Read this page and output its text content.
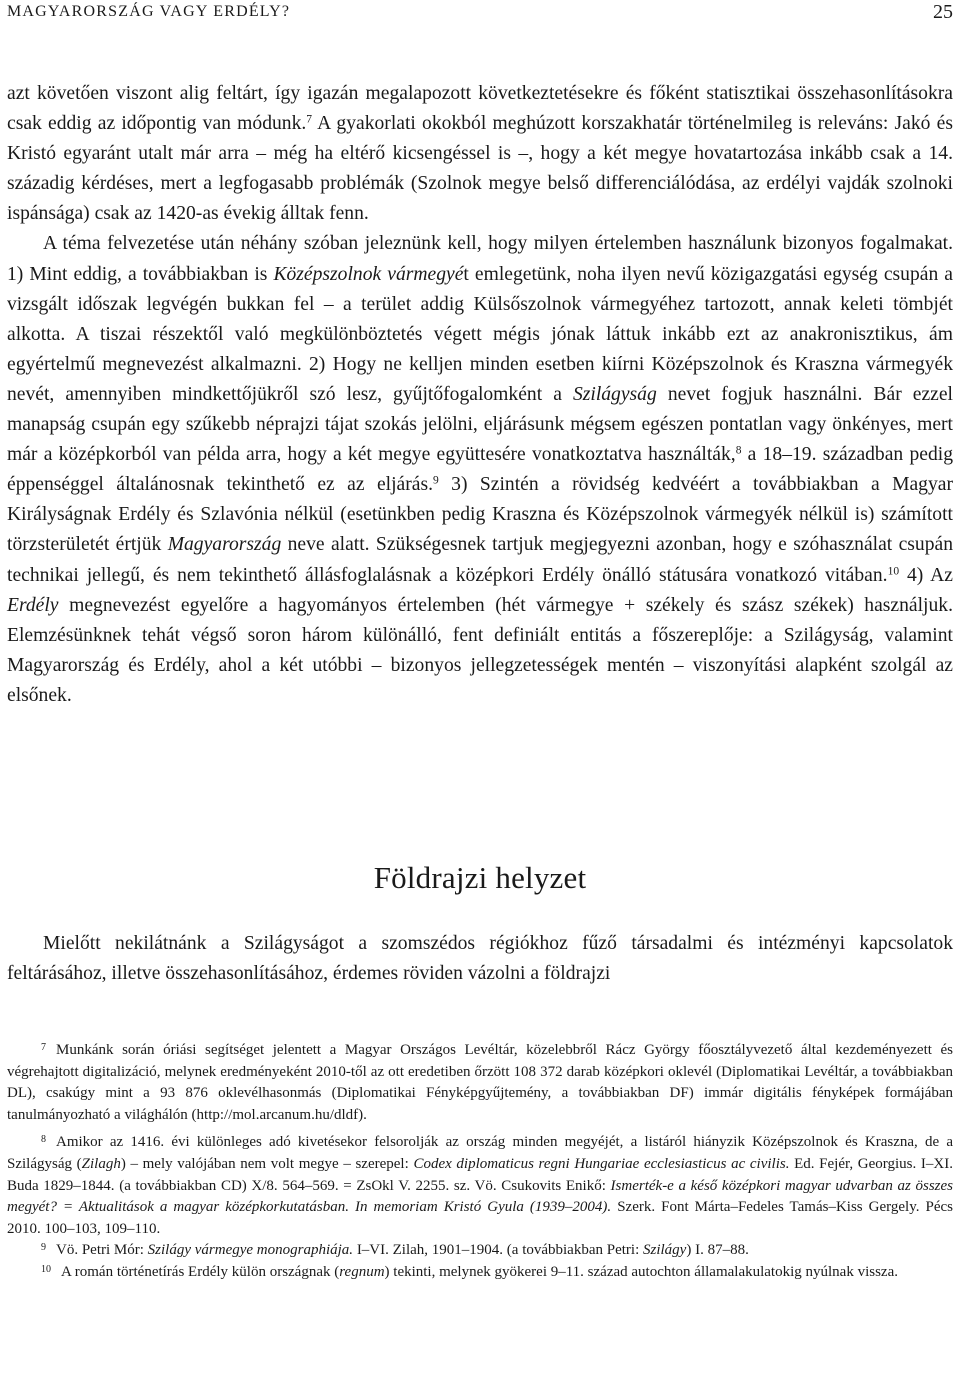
MAGYARORSZÁG VAGY ERDÉLY?	25

azt követően viszont alig feltárt, így igazán megalapozott következtetésekre és főként statisztikai összehasonlításokra csak eddig az időpontig van módunk.$^7$ A gyakorlati okokból meghúzott korszakhatár történelmileg is releváns: Jakó és Kristó egyaránt utalt már arra – még ha eltérő kicsengéssel is –, hogy a két megye hovatartozása inkább csak a 14. századig kérdéses, mert a legfogasabb problémák (Szolnok megye belső differenciálódása, az erdélyi vajdák szolnoki ispánsága) csak az 1420-as évekig álltak fenn.

A téma felvezetése után néhány szóban jeleznünk kell, hogy milyen értelemben használunk bizonyos fogalmakat. 1) Mint eddig, a továbbiakban is Középszolnok vármegyét emlegetünk, noha ilyen nevű közigazgatási egység csupán a vizsgált időszak legvégén bukkan fel – a terület addig Külsőszolnok vármegyéhez tartozott, annak keleti tömbjét alkotta. A tiszai részektől való megkülönböztetés végett mégis jónak láttuk inkább ezt az anakronisztikus, ám egyértelmű megnevezést alkalmazni. 2) Hogy ne kelljen minden esetben kiírni Középszolnok és Kraszna vármegyék nevét, amennyiben mindkettőjükről szó lesz, gyűjtőfogalomként a Szilágyság nevet fogjuk használni. Bár ezzel manapság csupán egy szűkebb néprajzi tájat szokás jelölni, eljárásunk mégsem egészen pontatlan vagy önkényes, mert már a középkorból van példa arra, hogy a két megye együttesére vonatkoztatva használták,$^8$ a 18–19. században pedig éppenséggel általánosnak tekinthető ez az eljárás.$^9$ 3) Szintén a rövidség kedvéért a továbbiakban a Magyar Királyságnak Erdély és Szlavónia nélkül (esetünkben pedig Kraszna és Középszolnok vármegyék nélkül is) számított törzsterületét értjük Magyarország neve alatt. Szükségesnek tartjuk megjegyezni azonban, hogy e szóhasználat csupán technikai jellegű, és nem tekinthető állásfoglalásnak a középkori Erdély önálló státusára vonatkozó vitában.$^{10}$ 4) Az Erdély megnevezést egyelőre a hagyományos értelemben (hét vármegye + székely és szász székek) használjuk. Elemzésünknek tehát végső soron három különálló, fent definiált entitás a főszereplője: a Szilágyság, valamint Magyarország és Erdély, ahol a két utóbbi – bizonyos jellegzetességek mentén – viszonyítási alapként szolgál az elsőnek.

Földrajzi helyzet
Mielőtt nekilátnánk a Szilágyságot a szomszédos régiókhoz fűző társadalmi és intézményi kapcsolatok feltárásához, illetve összehasonlításához, érdemes röviden vázolni a földrajzi

$^7$ Munkánk során óriási segítséget jelentett a Magyar Országos Levéltár, közelebbről Rácz György főosztályvezető által kezdeményezett és végrehajtott digitalizáció, melynek eredményeként 2010-től az ott eredetiben őrzött 108 372 darab középkori oklevél (Diplomatikai Levéltár, a továbbiakban DL), csakúgy mint a 93 876 oklevélhasonmás (Diplomatikai Fényképgyűjtemény, a továbbiakban DF) immár digitális fényképek formájában tanulmányozható a világhálón (http://mol.arcanum.hu/dldf).

$^8$ Amikor az 1416. évi különleges adó kivetésekor felsorolják az ország minden megyéjét, a listáról hiányzik Középszolnok és Kraszna, de a Szilágyság (Zilagh) – mely valójában nem volt megye – szerepel: Codex diplomaticus regni Hungariae ecclesiasticus ac civilis. Ed. Fejér, Georgius. I–XI. Buda 1829–1844. (a továbbiakban CD) X/8. 564–569. = ZsOkl V. 2255. sz. Vö. Csukovits Enikő: Ismerték-e a késő középkori magyar udvarban az összes megyét? = Aktualitások a magyar középkorkutatásban. In memoriam Kristó Gyula (1939–2004). Szerk. Font Márta–Fedeles Tamás–Kiss Gergely. Pécs 2010. 100–103, 109–110.

$^9$ Vö. Petri Mór: Szilágy vármegye monographiája. I–VI. Zilah, 1901–1904. (a továbbiakban Petri: Szilágy) I. 87–88.

$^{10}$ A román történetírás Erdély külön országnak (regnum) tekinti, melynek gyökerei 9–11. század autochton államalakulatokig nyúlnak vissza.
